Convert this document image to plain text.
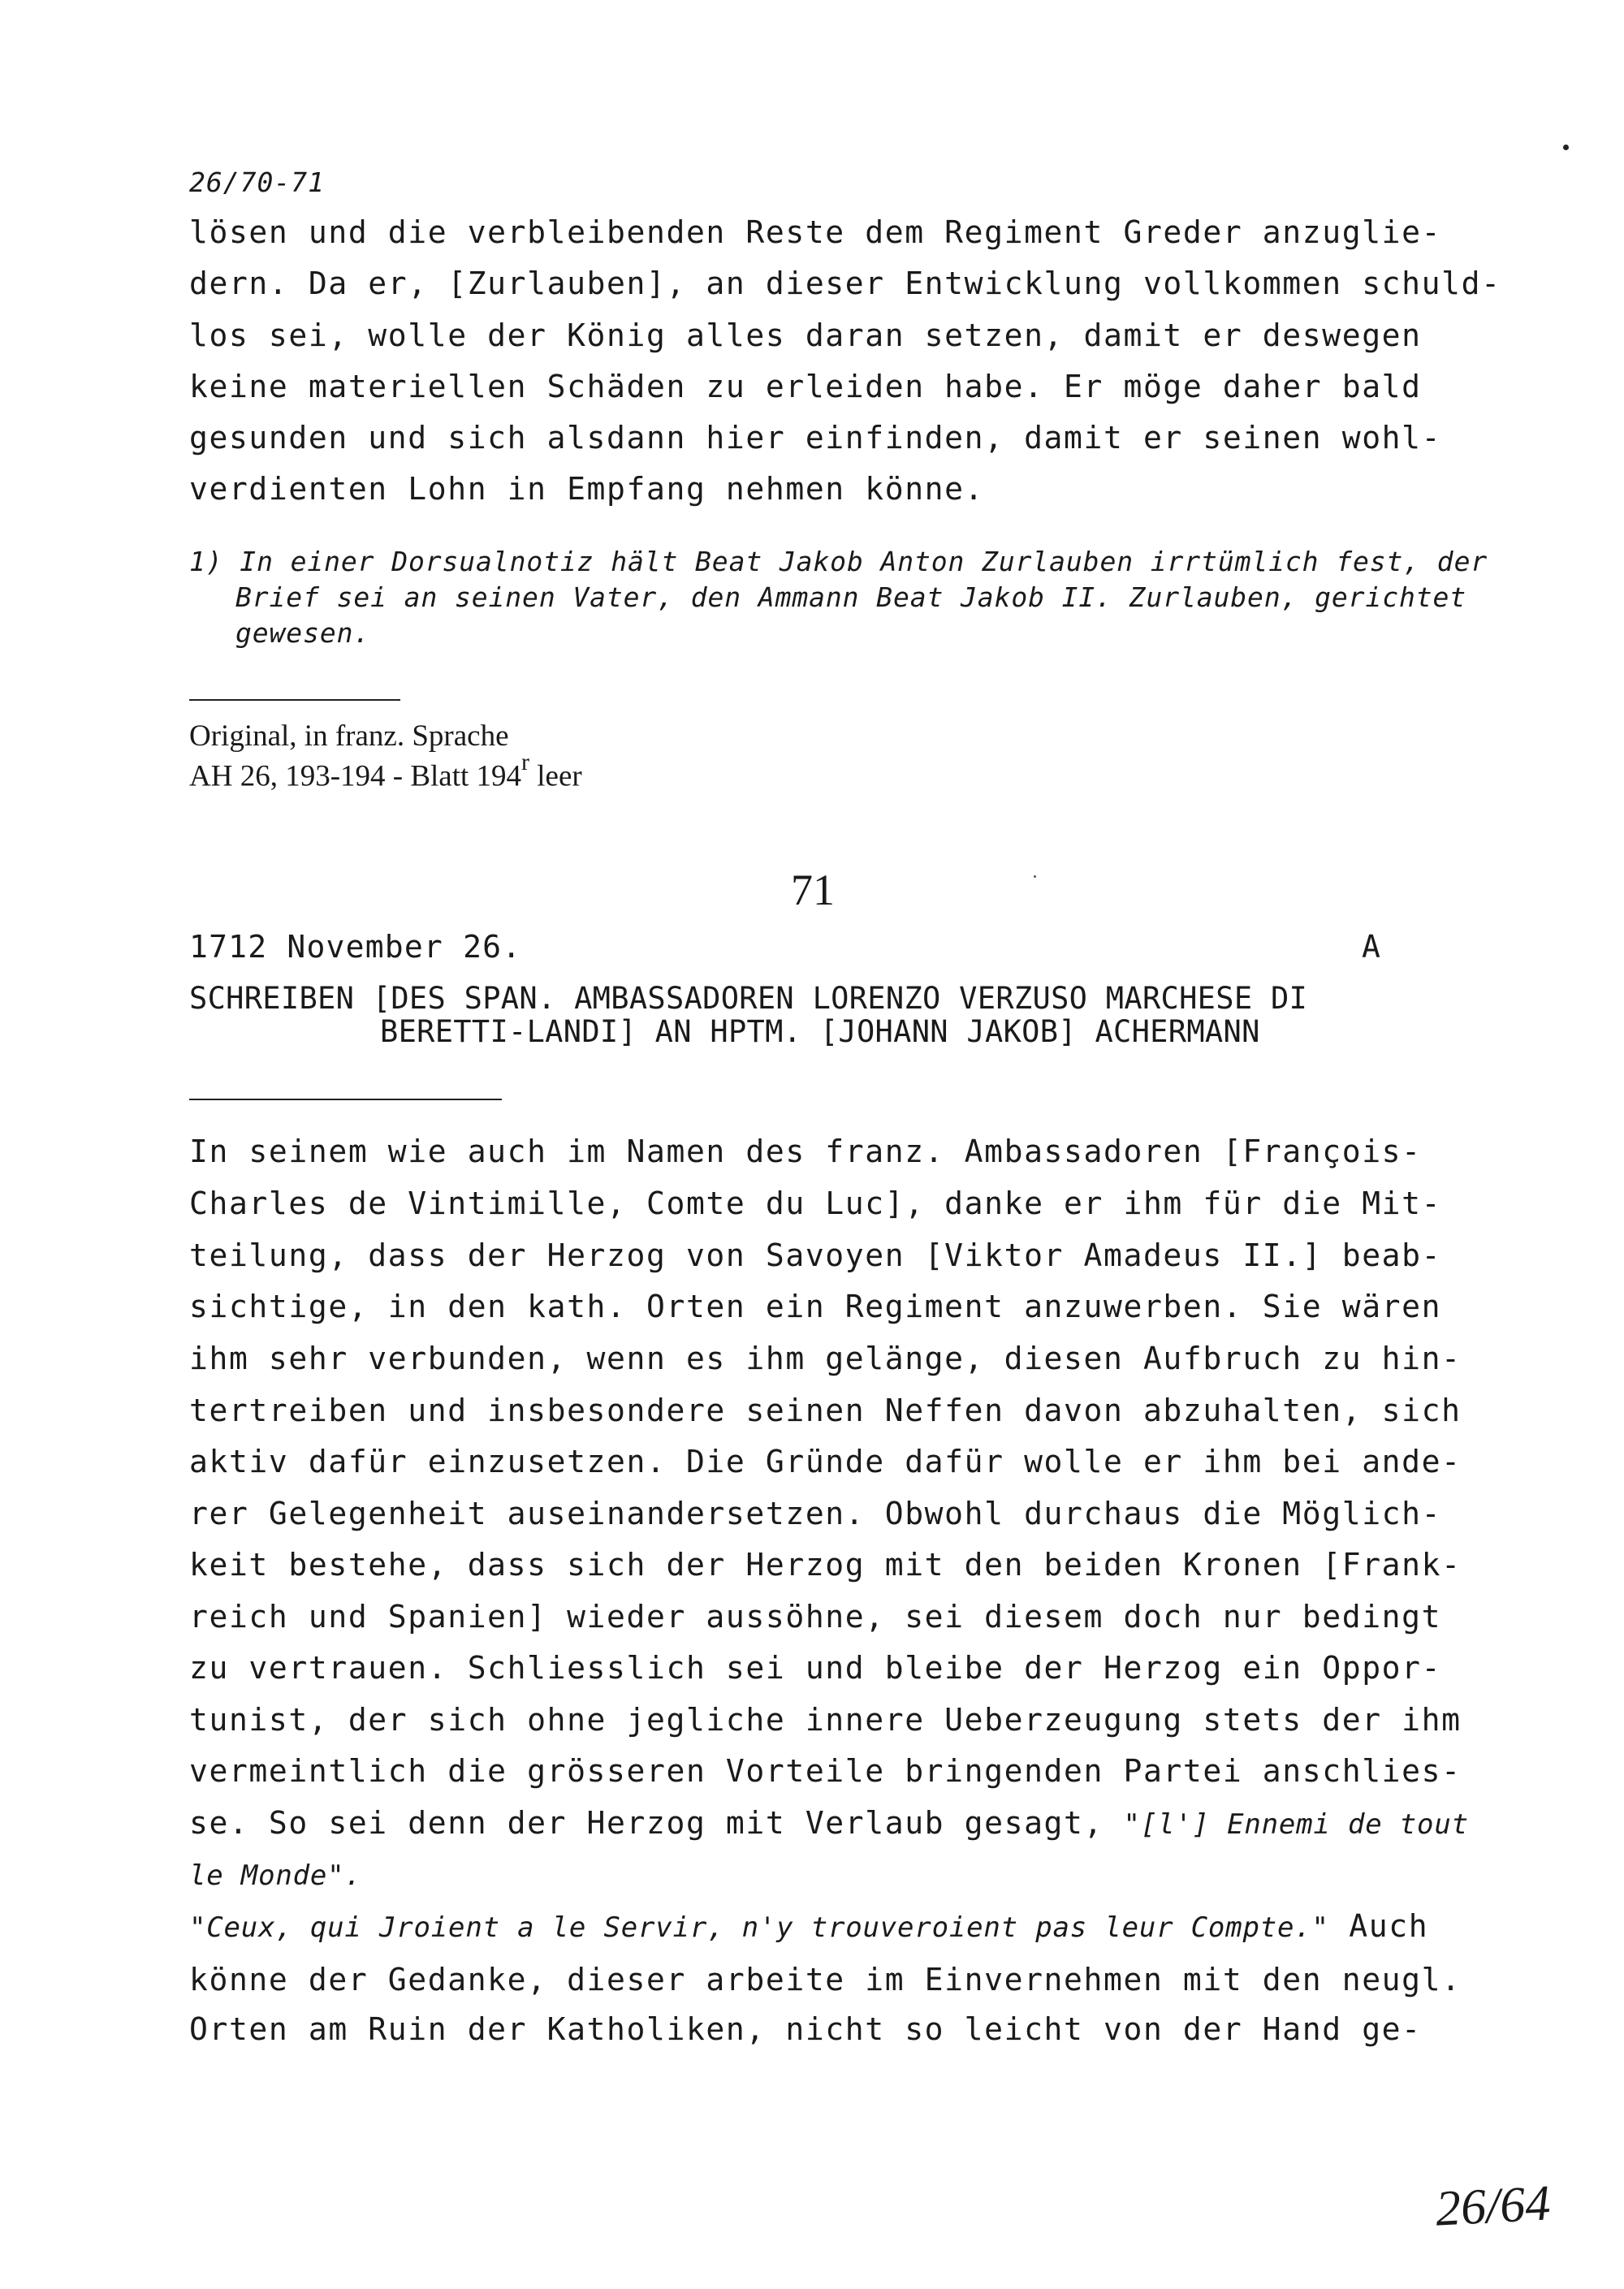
26/70-71
lösen und die verbleibenden Reste dem Regiment Greder anzuglie-
dern. Da er, [Zurlauben], an dieser Entwicklung vollkommen schuld-
los sei, wolle der König alles daran setzen, damit er deswegen
keine materiellen Schäden zu erleiden habe. Er möge daher bald
gesunden und sich alsdann hier einfinden, damit er seinen wohl-
verdienten Lohn in Empfang nehmen könne.
1) In einer Dorsualnotiz hält Beat Jakob Anton Zurlauben irrtümlich fest, der
Brief sei an seinen Vater, den Ammann Beat Jakob II. Zurlauben, gerichtet
gewesen.
Original, in franz. Sprache
AH 26, 193-194 - Blatt 194$^r$ leer
71
1712 November 26.	A
SCHREIBEN [DES SPAN. AMBASSADOREN LORENZO VERZUSO MARCHESE DI
BERETTI-LANDI] AN HPTM. [JOHANN JAKOB] ACHERMANN
In seinem wie auch im Namen des franz. Ambassadoren [François-
Charles de Vintimille, Comte du Luc], danke er ihm für die Mit-
teilung, dass der Herzog von Savoyen [Viktor Amadeus II.] beab-
sichtige, in den kath. Orten ein Regiment anzuwerben. Sie wären
ihm sehr verbunden, wenn es ihm gelänge, diesen Aufbruch zu hin-
tertreiben und insbesondere seinen Neffen davon abzuhalten, sich
aktiv dafür einzusetzen. Die Gründe dafür wolle er ihm bei ande-
rer Gelegenheit auseinandersetzen. Obwohl durchaus die Möglich-
keit bestehe, dass sich der Herzog mit den beiden Kronen [Frank-
reich und Spanien] wieder aussöhne, sei diesem doch nur bedingt
zu vertrauen. Schliesslich sei und bleibe der Herzog ein Oppor-
tunist, der sich ohne jegliche innere Ueberzeugung stets der ihm
vermeintlich die grösseren Vorteile bringenden Partei anschlies-
se. So sei denn der Herzog mit Verlaub gesagt, "[l'] Ennemi de tout
le Monde".
"Ceux, qui Jroient a le Servir, n'y trouveroient pas leur Compte." Auch
könne der Gedanke, dieser arbeite im Einvernehmen mit den neugl.
Orten am Ruin der Katholiken, nicht so leicht von der Hand ge-
26/64
